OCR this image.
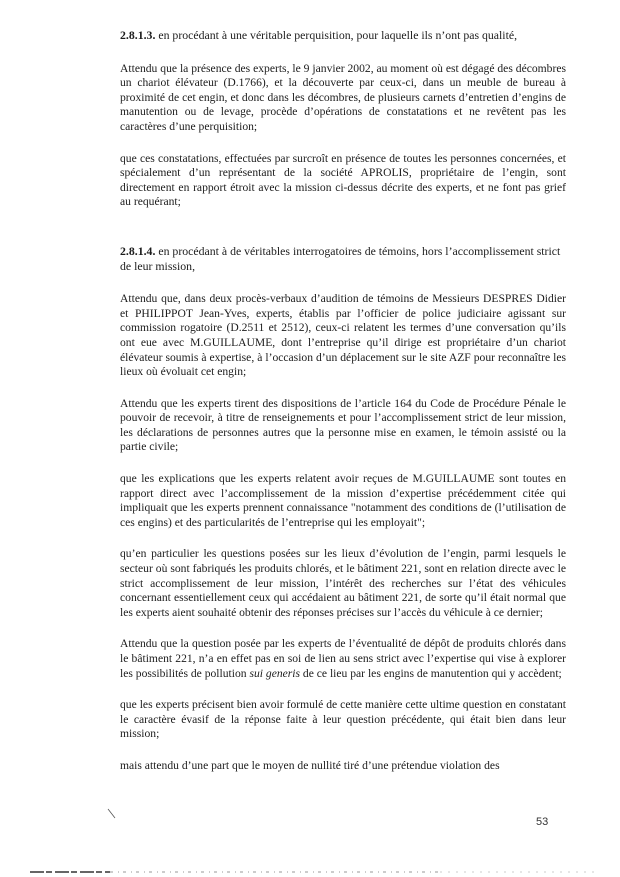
2.8.1.3. en procédant à une véritable perquisition, pour laquelle ils n’ont pas qualité,

Attendu que la présence des experts, le 9 janvier 2002, au moment où est dégagé des décombres un chariot élévateur (D.1766), et la découverte par ceux-ci, dans un meuble de bureau à proximité de cet engin, et donc dans les décombres, de plusieurs carnets d’entretien d’engins de manutention ou de levage, procède d’opérations de constatations et ne revêtent pas les caractères d’une perquisition;

que ces constatations, effectuées par surcroît en présence de toutes les personnes concernées, et spécialement d’un représentant de la société APROLIS, propriétaire de l’engin, sont directement en rapport étroit avec la mission ci-dessus décrite des experts, et ne font pas grief au requérant;

2.8.1.4. en procédant à de véritables interrogatoires de témoins, hors l’accomplissement strict de leur mission,

Attendu que, dans deux procès-verbaux d’audition de témoins de Messieurs DESPRES Didier et PHILIPPOT Jean-Yves, experts, établis par l’officier de police judiciaire agissant sur commission rogatoire (D.2511 et 2512), ceux-ci relatent les termes d’une conversation qu’ils ont eue avec M.GUILLAUME, dont l’entreprise qu’il dirige est propriétaire d’un chariot élévateur soumis à expertise, à l’occasion d’un déplacement sur le site AZF pour reconnaître les lieux où évoluait cet engin;

Attendu que les experts tirent des dispositions de l’article 164 du Code de Procédure Pénale le pouvoir de recevoir, à titre de renseignements et pour l’accomplissement strict de leur mission, les déclarations de personnes autres que la personne mise en examen, le témoin assisté ou la partie civile;

que les explications que les experts relatent avoir reçues de M.GUILLAUME sont toutes en rapport direct avec l’accomplissement de la mission d’expertise précédemment citée qui impliquait que les experts prennent connaissance "notamment des conditions de (l’utilisation de ces engins) et des particularités de l’entreprise qui les employait";

qu’en particulier les questions posées sur les lieux d’évolution de l’engin, parmi lesquels le secteur où sont fabriqués les produits chlorés, et le bâtiment 221, sont en relation directe avec le strict accomplissement de leur mission, l’intérêt des recherches sur l’état des véhicules concernant essentiellement ceux qui accédaient au bâtiment 221, de sorte qu’il était normal que les experts aient souhaité obtenir des réponses précises sur l’accès du véhicule à ce dernier;

Attendu que la question posée par les experts de l’éventualité de dépôt de produits chlorés dans le bâtiment 221, n’a en effet pas en soi de lien au sens strict avec l’expertise qui vise à explorer les possibilités de pollution sui generis de ce lieu par les engins de manutention qui y accèdent;

que les experts précisent bien avoir formulé de cette manière cette ultime question en constatant le caractère évasif de la réponse faite à leur question précédente, qui était bien dans leur mission;

mais attendu d’une part que le moyen de nullité tiré d’une prétendue violation des

53
